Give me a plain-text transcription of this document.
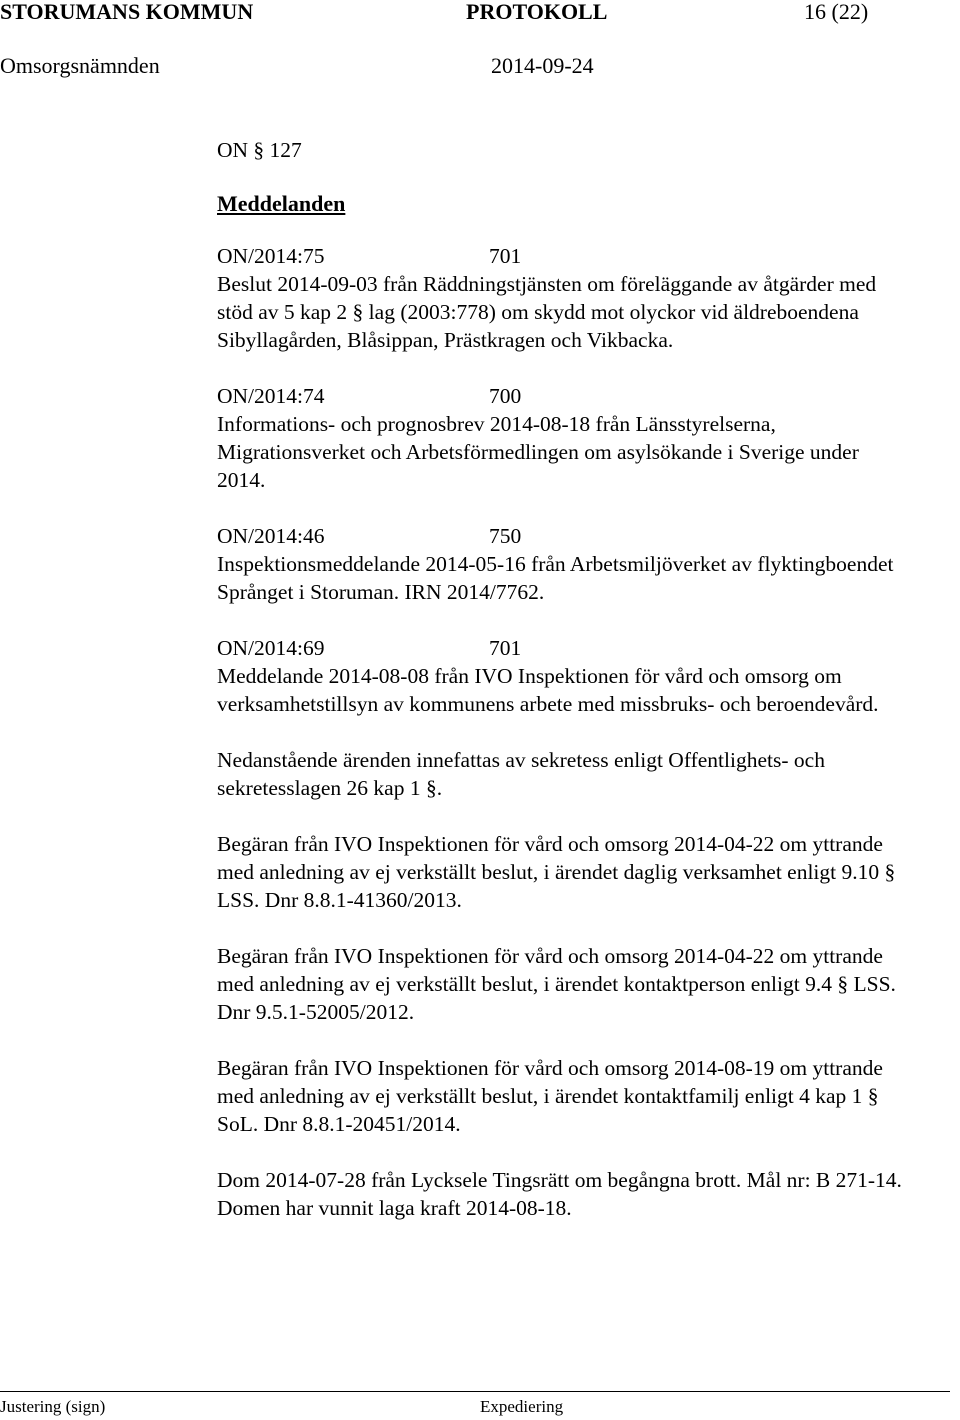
STORUMANS KOMMUN	PROTOKOLL	16 (22)
Omsorgsnämnden	2014-09-24

ON § 127

Meddelanden

ON/2014:75	701

Beslut 2014-09-03 från Räddningstjänsten om föreläggande av åtgärder med stöd av 5 kap 2 § lag (2003:778) om skydd mot olyckor vid äldreboendena Sibyllagården, Blåsippan, Prästkragen och Vikbacka.

ON/2014:74	700

Informations- och prognosbrev 2014-08-18 från Länsstyrelserna, Migrationsverket och Arbetsförmedlingen om asylsökande i Sverige under 2014.

ON/2014:46	750

Inspektionsmeddelande 2014-05-16 från Arbetsmiljöverket av flyktingboendet Språnget i Storuman. IRN 2014/7762.

ON/2014:69	701

Meddelande 2014-08-08 från IVO Inspektionen för vård och omsorg om verksamhetstillsyn av kommunens arbete med missbruks- och beroendevård.

Nedanstående ärenden innefattas av sekretess enligt Offentlighets- och sekretesslagen 26 kap 1 §.

Begäran från IVO Inspektionen för vård och omsorg 2014-04-22 om yttrande med anledning av ej verkställt beslut, i ärendet daglig verksamhet enligt 9.10 § LSS. Dnr 8.8.1-41360/2013.

Begäran från IVO Inspektionen för vård och omsorg 2014-04-22 om yttrande med anledning av ej verkställt beslut, i ärendet kontaktperson enligt 9.4 § LSS. Dnr 9.5.1-52005/2012.

Begäran från IVO Inspektionen för vård och omsorg 2014-08-19 om yttrande med anledning av ej verkställt beslut, i ärendet kontaktfamilj enligt 4 kap 1 § SoL. Dnr 8.8.1-20451/2014.

Dom 2014-07-28 från Lycksele Tingsrätt om begångna brott. Mål nr: B 271-14. Domen har vunnit laga kraft 2014-08-18.

Justering (sign)	Expediering
